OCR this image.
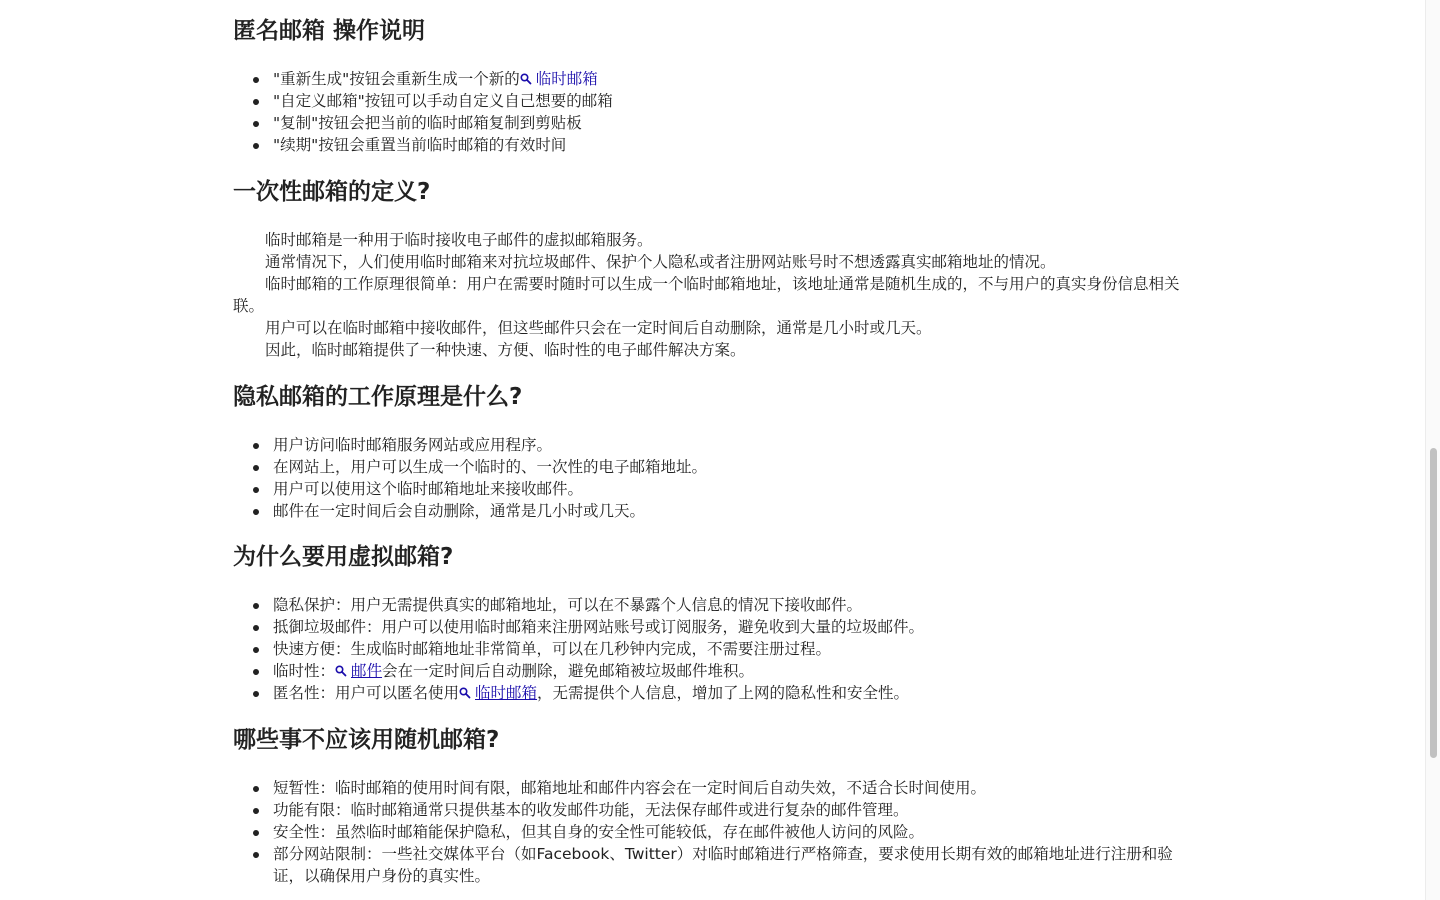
匿名邮箱 操作说明
"重新生成"按钮会重新生成一个新的 临时邮箱
"自定义邮箱"按钮可以手动自定义自己想要的邮箱
"复制"按钮会把当前的临时邮箱复制到剪贴板
"续期"按钮会重置当前临时邮箱的有效时间
一次性邮箱的定义?

临时邮箱是一种用于临时接收电子邮件的虚拟邮箱服务。

通常情况下，人们使用临时邮箱来对抗垃圾邮件、保护个人隐私或者注册网站账号时不想透露真实邮箱地址的情况。

临时邮箱的工作原理很简单：用户在需要时随时可以生成一个临时邮箱地址，该地址通常是随机生成的，不与用户的真实身份信息相关联。

用户可以在临时邮箱中接收邮件，但这些邮件只会在一定时间后自动删除，通常是几小时或几天。

因此，临时邮箱提供了一种快速、方便、临时性的电子邮件解决方案。

隐私邮箱的工作原理是什么?
用户访问临时邮箱服务网站或应用程序。
在网站上，用户可以生成一个临时的、一次性的电子邮箱地址。
用户可以使用这个临时邮箱地址来接收邮件。
邮件在一定时间后会自动删除，通常是几小时或几天。
为什么要用虚拟邮箱?
隐私保护：用户无需提供真实的邮箱地址，可以在不暴露个人信息的情况下接收邮件。
抵御垃圾邮件：用户可以使用临时邮箱来注册网站账号或订阅服务，避免收到大量的垃圾邮件。
快速方便：生成临时邮箱地址非常简单，可以在几秒钟内完成，不需要注册过程。
临时性： 邮件会在一定时间后自动删除，避免邮箱被垃圾邮件堆积。
匿名性：用户可以匿名使用 临时邮箱，无需提供个人信息，增加了上网的隐私性和安全性。
哪些事不应该用随机邮箱?
短暂性：临时邮箱的使用时间有限，邮箱地址和邮件内容会在一定时间后自动失效，不适合长时间使用。
功能有限：临时邮箱通常只提供基本的收发邮件功能，无法保存邮件或进行复杂的邮件管理。
安全性：虽然临时邮箱能保护隐私，但其自身的安全性可能较低，存在邮件被他人访问的风险。
部分网站限制：一些社交媒体平台（如Facebook、Twitter）对临时邮箱进行严格筛查，要求使用长期有效的邮箱地址进行注册和验证，以确保用户身份的真实性。
